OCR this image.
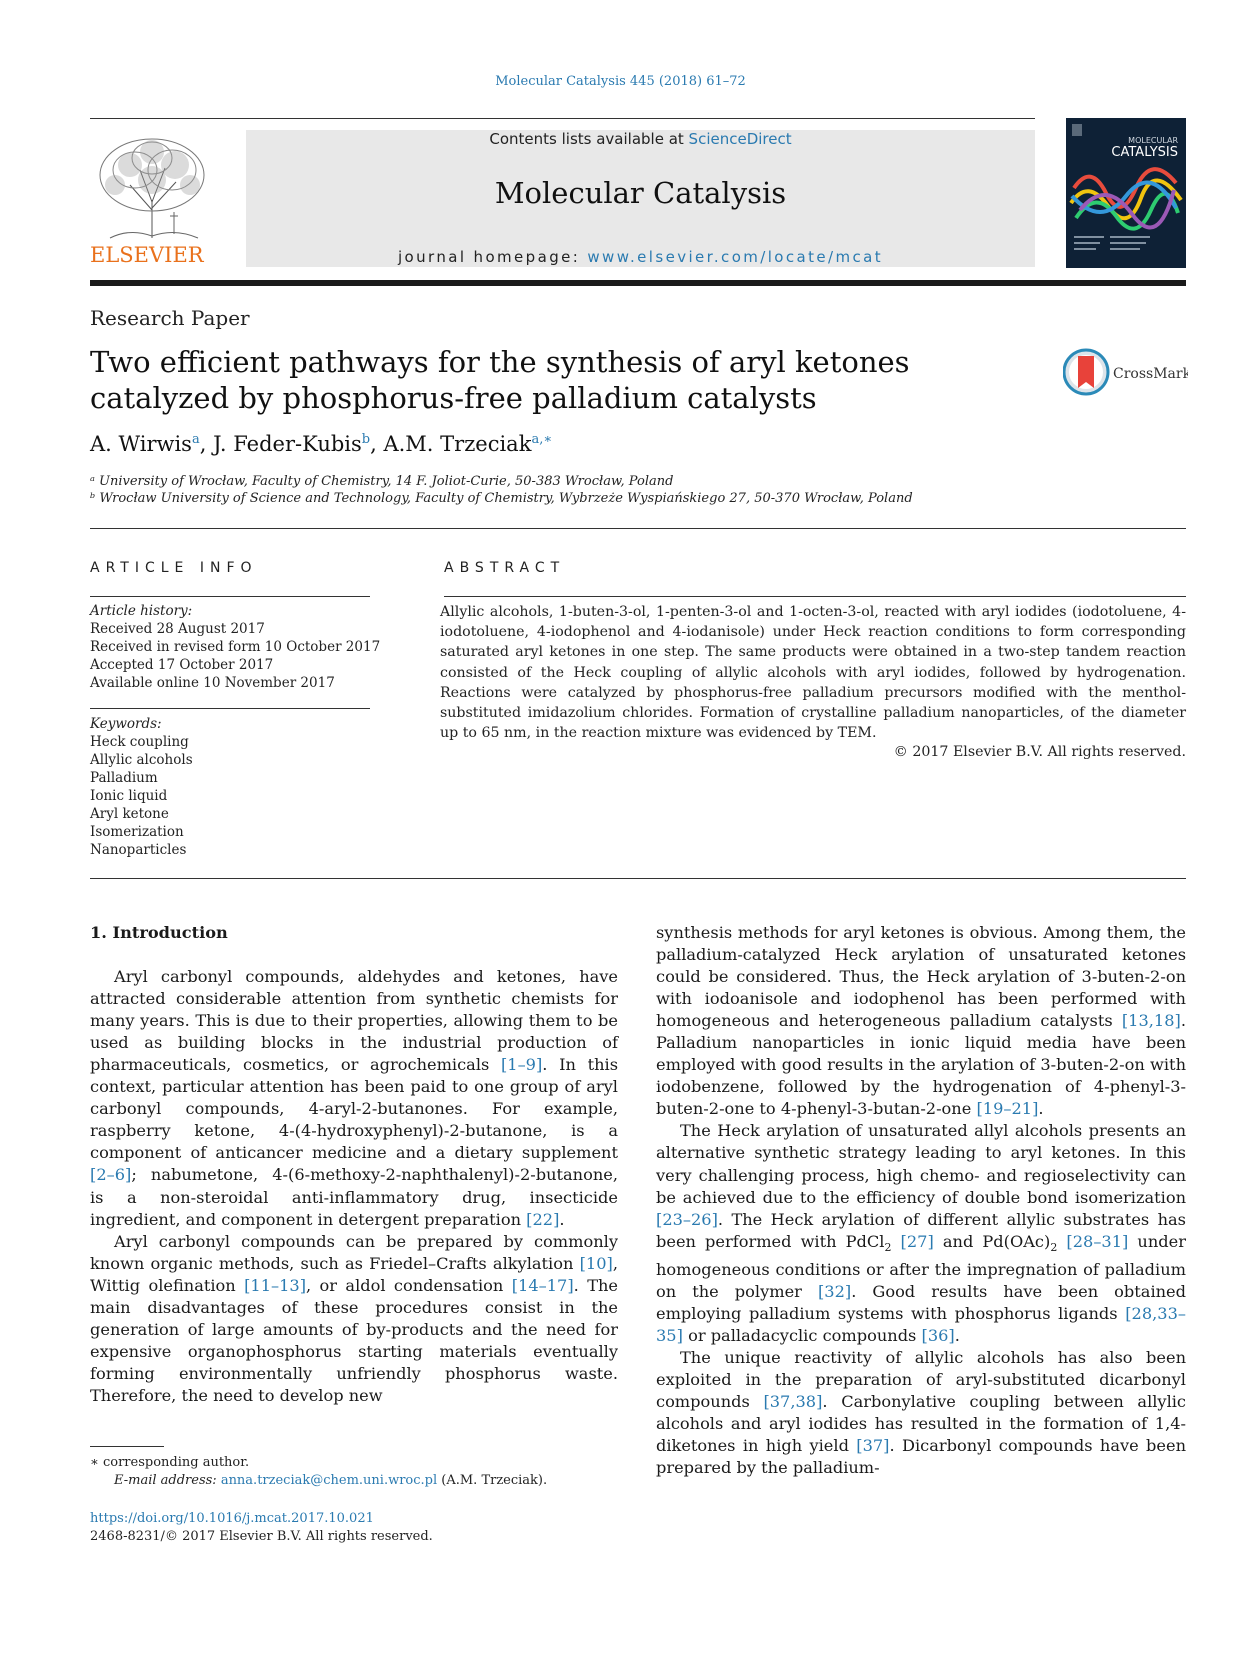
Molecular Catalysis 445 (2018) 61–72
ELSEVIER
Contents lists available at ScienceDirect
Molecular Catalysis
journal homepage: www.elsevier.com/locate/mcat
MOLECULAR
CATALYSIS
Research Paper
Two efficient pathways for the synthesis of aryl ketones catalyzed by phosphorus-free palladium catalysts
CrossMark
A. Wirwis$^a$, J. Feder-Kubis$^b$, A.M. Trzeciak$^{a,∗}$
ᵃ University of Wrocław, Faculty of Chemistry, 14 F. Joliot-Curie, 50-383 Wrocław, Poland
ᵇ Wrocław University of Science and Technology, Faculty of Chemistry, Wybrzeże Wyspiańskiego 27, 50-370 Wrocław, Poland
ARTICLE INFO	ABSTRACT
Article history:
Received 28 August 2017
Received in revised form 10 October 2017
Accepted 17 October 2017
Available online 10 November 2017
Keywords:
Heck coupling
Allylic alcohols
Palladium
Ionic liquid
Aryl ketone
Isomerization
Nanoparticles
Allylic alcohols, 1-buten-3-ol, 1-penten-3-ol and 1-octen-3-ol, reacted with aryl iodides (iodotoluene, 4-iodotoluene, 4-iodophenol and 4-iodanisole) under Heck reaction conditions to form corresponding saturated aryl ketones in one step. The same products were obtained in a two-step tandem reaction consisted of the Heck coupling of allylic alcohols with aryl iodides, followed by hydrogenation. Reactions were catalyzed by phosphorus-free palladium precursors modified with the menthol-substituted imidazolium chlorides. Formation of crystalline palladium nanoparticles, of the diameter up to 65 nm, in the reaction mixture was evidenced by TEM.
© 2017 Elsevier B.V. All rights reserved.
1. Introduction

Aryl carbonyl compounds, aldehydes and ketones, have attracted considerable attention from synthetic chemists for many years. This is due to their properties, allowing them to be used as building blocks in the industrial production of pharmaceuticals, cosmetics, or agrochemicals [1–9]. In this context, particular attention has been paid to one group of aryl carbonyl compounds, 4-aryl-2-butanones. For example, raspberry ketone, 4-(4-hydroxyphenyl)-2-butanone, is a component of anticancer medicine and a dietary supplement [2–6]; nabumetone, 4-(6-methoxy-2-naphthalenyl)-2-butanone, is a non-steroidal anti-inflammatory drug, insecticide ingredient, and component in detergent preparation [22].

Aryl carbonyl compounds can be prepared by commonly known organic methods, such as Friedel–Crafts alkylation [10], Wittig olefination [11–13], or aldol condensation [14–17]. The main disadvantages of these procedures consist in the generation of large amounts of by-products and the need for expensive organophosphorus starting materials eventually forming environmentally unfriendly phosphorus waste. Therefore, the need to develop new

synthesis methods for aryl ketones is obvious. Among them, the palladium-catalyzed Heck arylation of unsaturated ketones could be considered. Thus, the Heck arylation of 3-buten-2-on with iodoanisole and iodophenol has been performed with homogeneous and heterogeneous palladium catalysts [13,18]. Palladium nanoparticles in ionic liquid media have been employed with good results in the arylation of 3-buten-2-on with iodobenzene, followed by the hydrogenation of 4-phenyl-3-buten-2-one to 4-phenyl-3-butan-2-one [19–21].

The Heck arylation of unsaturated allyl alcohols presents an alternative synthetic strategy leading to aryl ketones. In this very challenging process, high chemo- and regioselectivity can be achieved due to the efficiency of double bond isomerization [23–26]. The Heck arylation of different allylic substrates has been performed with PdCl$_2$ [27] and $Pd(OAc)_2$ [28–31] under homogeneous conditions or after the impregnation of palladium on the polymer [32]. Good results have been obtained employing palladium systems with phosphorus ligands [28,33–35] or palladacyclic compounds [36].

The unique reactivity of allylic alcohols has also been exploited in the preparation of aryl-substituted dicarbonyl compounds [37,38]. Carbonylative coupling between allylic alcohols and aryl iodides has resulted in the formation of 1,4-diketones in high yield [37]. Dicarbonyl compounds have been prepared by the palladium-

∗ corresponding author.
E-mail address: anna.trzeciak@chem.uni.wroc.pl (A.M. Trzeciak).
https://doi.org/10.1016/j.mcat.2017.10.021
2468-8231/© 2017 Elsevier B.V. All rights reserved.
